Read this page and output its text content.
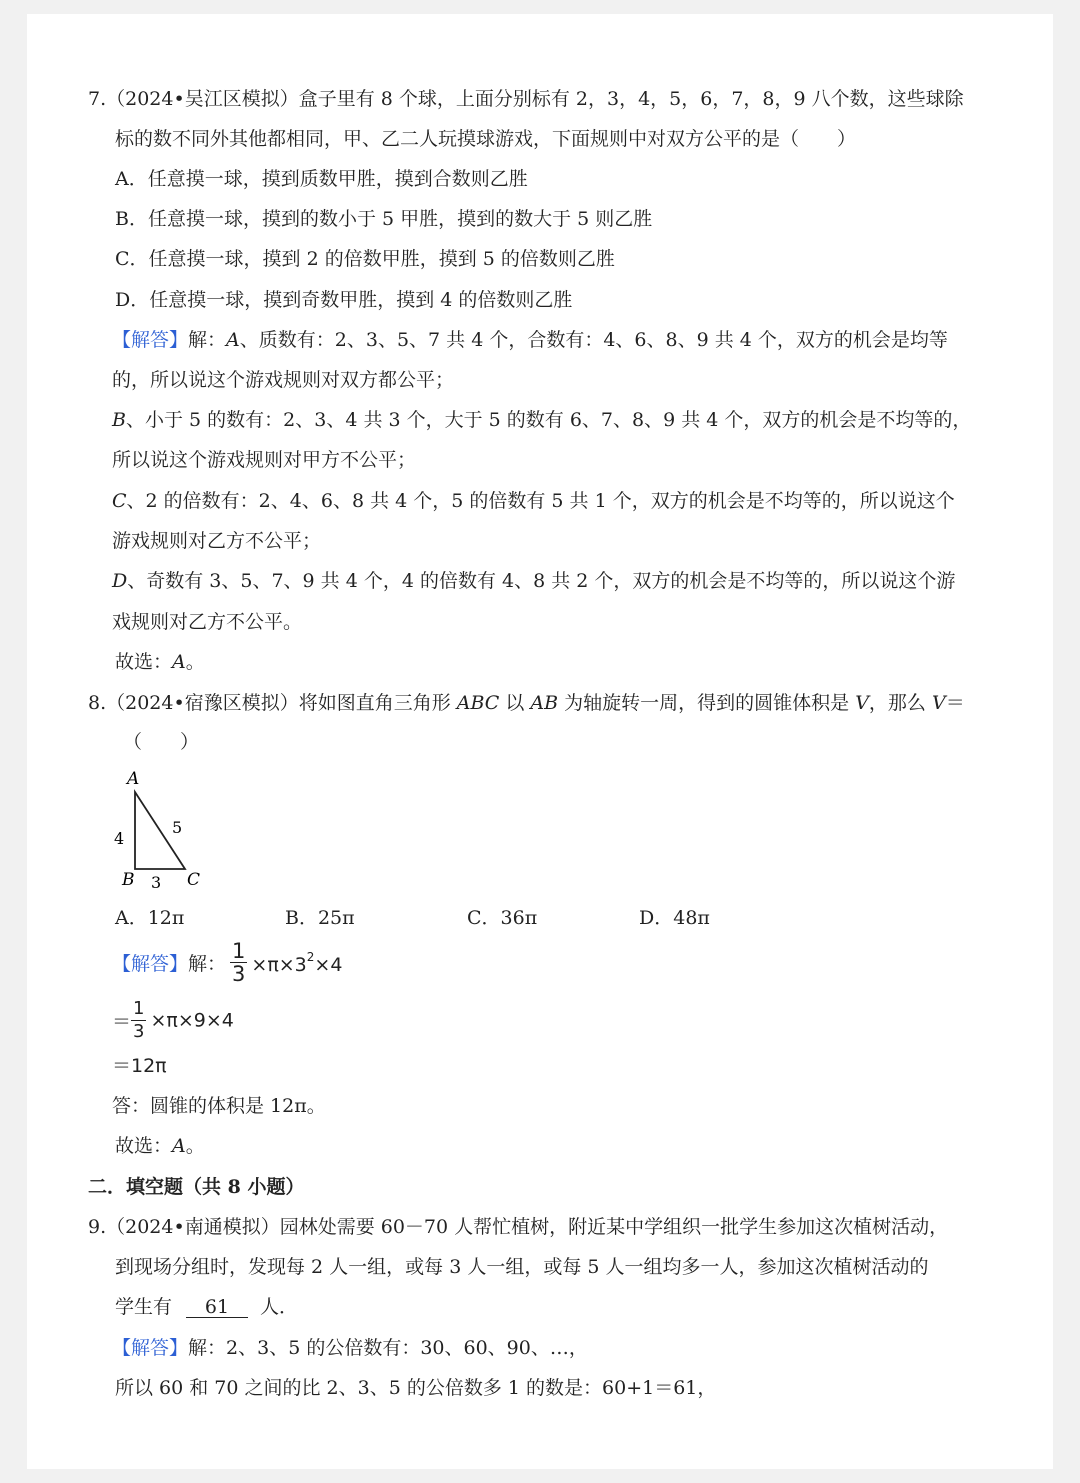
7.（2024•吴江区模拟）盒子里有 8 个球，上面分别标有 2，3，4，5，6，7，8，9 八个数，这些球除
标的数不同外其他都相同，甲、乙二人玩摸球游戏，下面规则中对双方公平的是（　　）
A．任意摸一球，摸到质数甲胜，摸到合数则乙胜
B．任意摸一球，摸到的数小于 5 甲胜，摸到的数大于 5 则乙胜
C．任意摸一球，摸到 2 的倍数甲胜，摸到 5 的倍数则乙胜
D．任意摸一球，摸到奇数甲胜，摸到 4 的倍数则乙胜
【解答】解：A、质数有：2、3、5、7 共 4 个，合数有：4、6、8、9 共 4 个，双方的机会是均等
的，所以说这个游戏规则对双方都公平；
B、小于 5 的数有：2、3、4 共 3 个，大于 5 的数有 6、7、8、9 共 4 个，双方的机会是不均等的，
所以说这个游戏规则对甲方不公平；
C、2 的倍数有：2、4、6、8 共 4 个，5 的倍数有 5 共 1 个，双方的机会是不均等的，所以说这个
游戏规则对乙方不公平；
D、奇数有 3、5、7、9 共 4 个，4 的倍数有 4、8 共 2 个，双方的机会是不均等的，所以说这个游
戏规则对乙方不公平。
故选：A。
8.（2024•宿豫区模拟）将如图直角三角形 ABC 以 AB 为轴旋转一周，得到的圆锥体积是 V，那么 V＝
（　　）
A
B	C
4
3
5
A．12π	B．25π	C．36π	D．48π
【解答】解： $\frac{1}{3} \times\pi\times 3^2\times 4$
＝ $\frac{1}{3} \times\pi\times 9\times 4$
＝12π
答：圆锥的体积是 12π。
故选：A。
二．填空题（共 8 小题）
9.（2024•南通模拟）园林处需要 60－70 人帮忙植树，附近某中学组织一批学生参加这次植树活动，
到现场分组时，发现每 2 人一组，或每 3 人一组，或每 5 人一组均多一人，参加这次植树活动的
学生有 61 人．
【解答】解：2、3、5 的公倍数有：30、60、90、…，
所以 60 和 70 之间的比 2、3、5 的公倍数多 1 的数是：60+1＝61，
